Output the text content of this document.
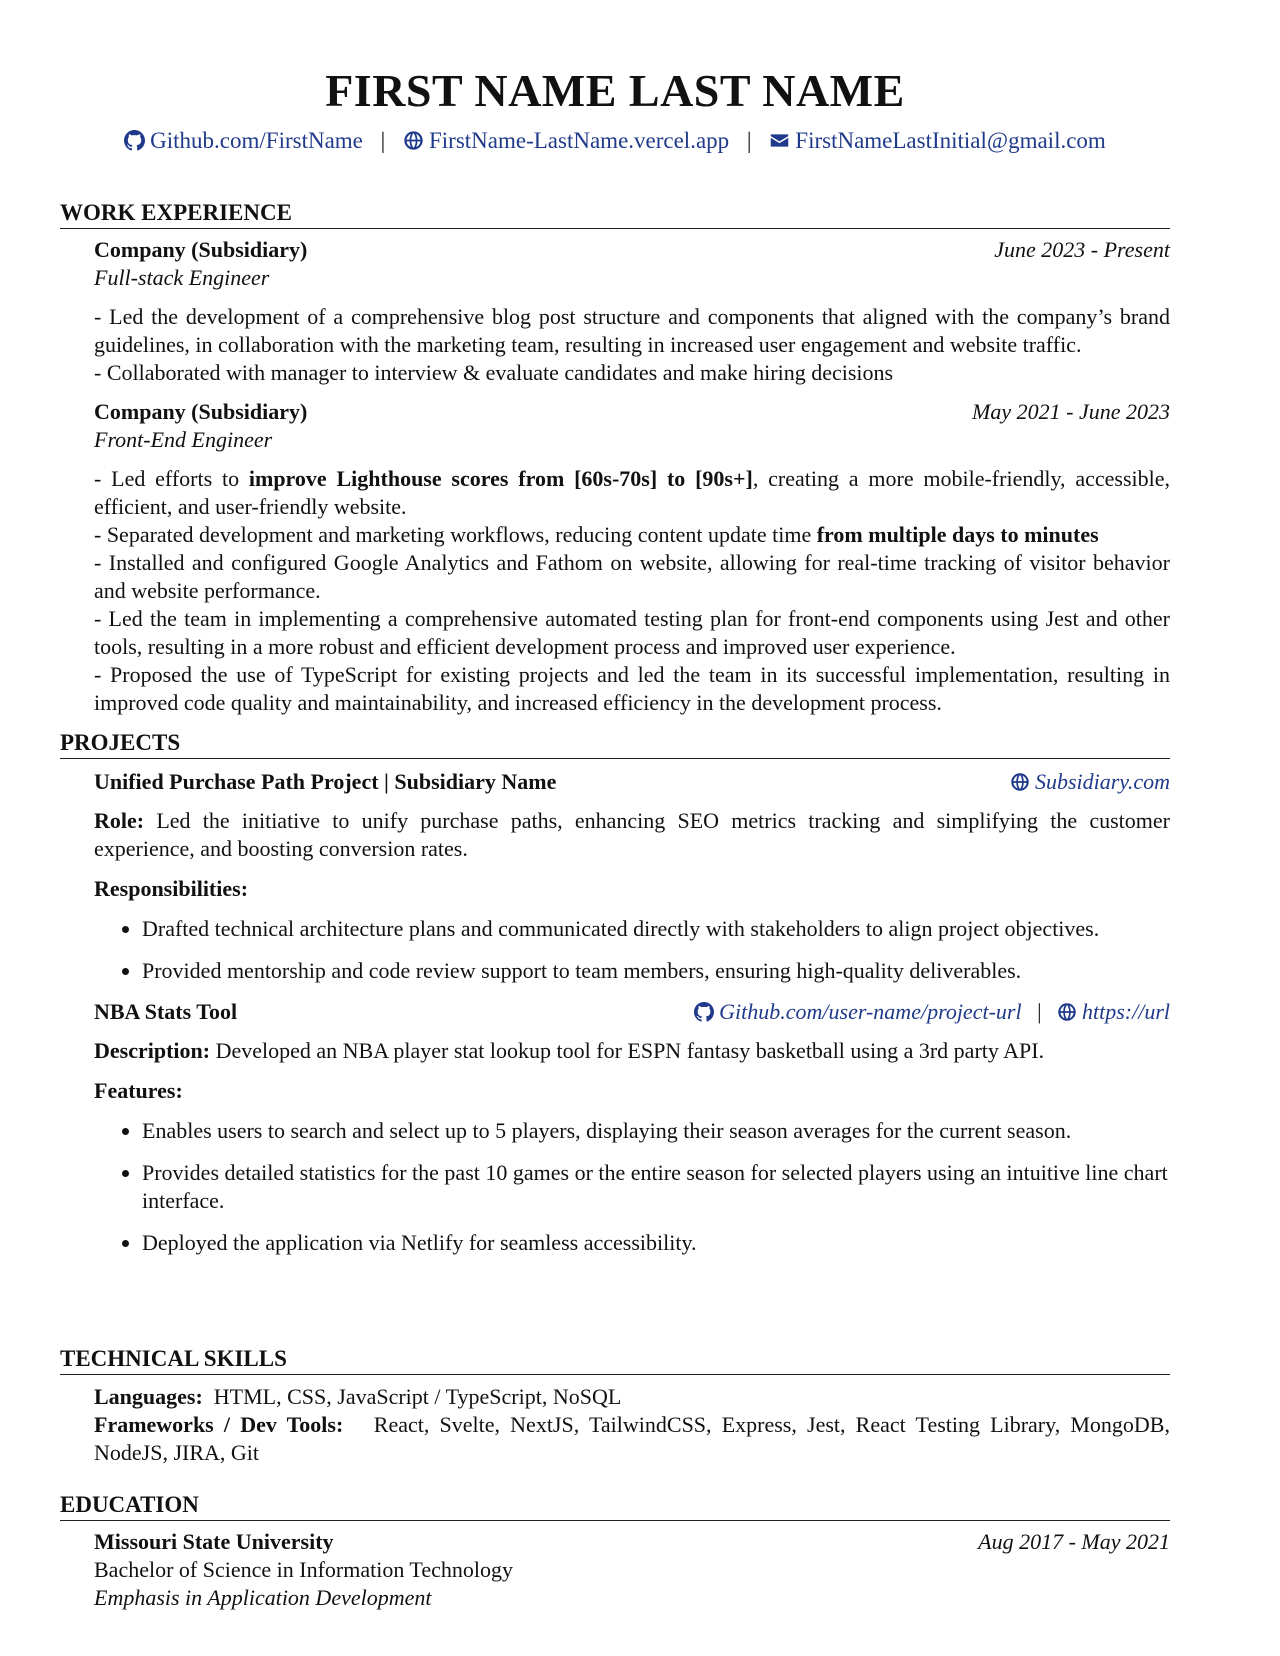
FIRST NAME LAST NAME
Github.com/FirstName | FirstName-LastName.vercel.app | FirstNameLastInitial@gmail.com
WORK EXPERIENCE
Company (Subsidiary)	June 2023 - Present
Full-stack Engineer
- Led the development of a comprehensive blog post structure and components that aligned with the company’s brand guidelines, in collaboration with the marketing team, resulting in increased user engagement and website traffic.
- Collaborated with manager to interview & evaluate candidates and make hiring decisions
Company (Subsidiary)	May 2021 - June 2023
Front-End Engineer
- Led efforts to improve Lighthouse scores from [60s-70s] to [90s+], creating a more mobile-friendly, accessible, efficient, and user-friendly website.
- Separated development and marketing workflows, reducing content update time from multiple days to minutes
- Installed and configured Google Analytics and Fathom on website, allowing for real-time tracking of visitor behavior and website performance.
- Led the team in implementing a comprehensive automated testing plan for front-end components using Jest and other tools, resulting in a more robust and efficient development process and improved user experience.
- Proposed the use of TypeScript for existing projects and led the team in its successful implementation, resulting in improved code quality and maintainability, and increased efficiency in the development process.
PROJECTS
Unified Purchase Path Project | Subsidiary Name	Subsidiary.com
Role: Led the initiative to unify purchase paths, enhancing SEO metrics tracking and simplifying the customer experience, and boosting conversion rates.
Responsibilities:
• Drafted technical architecture plans and communicated directly with stakeholders to align project objectives.
• Provided mentorship and code review support to team members, ensuring high-quality deliverables.
NBA Stats Tool	Github.com/user-name/project-url | https://url
Description: Developed an NBA player stat lookup tool for ESPN fantasy basketball using a 3rd party API.
Features:
• Enables users to search and select up to 5 players, displaying their season averages for the current season.
• Provides detailed statistics for the past 10 games or the entire season for selected players using an intuitive line chart interface.
• Deployed the application via Netlify for seamless accessibility.
TECHNICAL SKILLS
Languages: HTML, CSS, JavaScript / TypeScript, NoSQL
Frameworks / Dev Tools: React, Svelte, NextJS, TailwindCSS, Express, Jest, React Testing Library, MongoDB, NodeJS, JIRA, Git
EDUCATION
Missouri State University	Aug 2017 - May 2021
Bachelor of Science in Information Technology
Emphasis in Application Development
